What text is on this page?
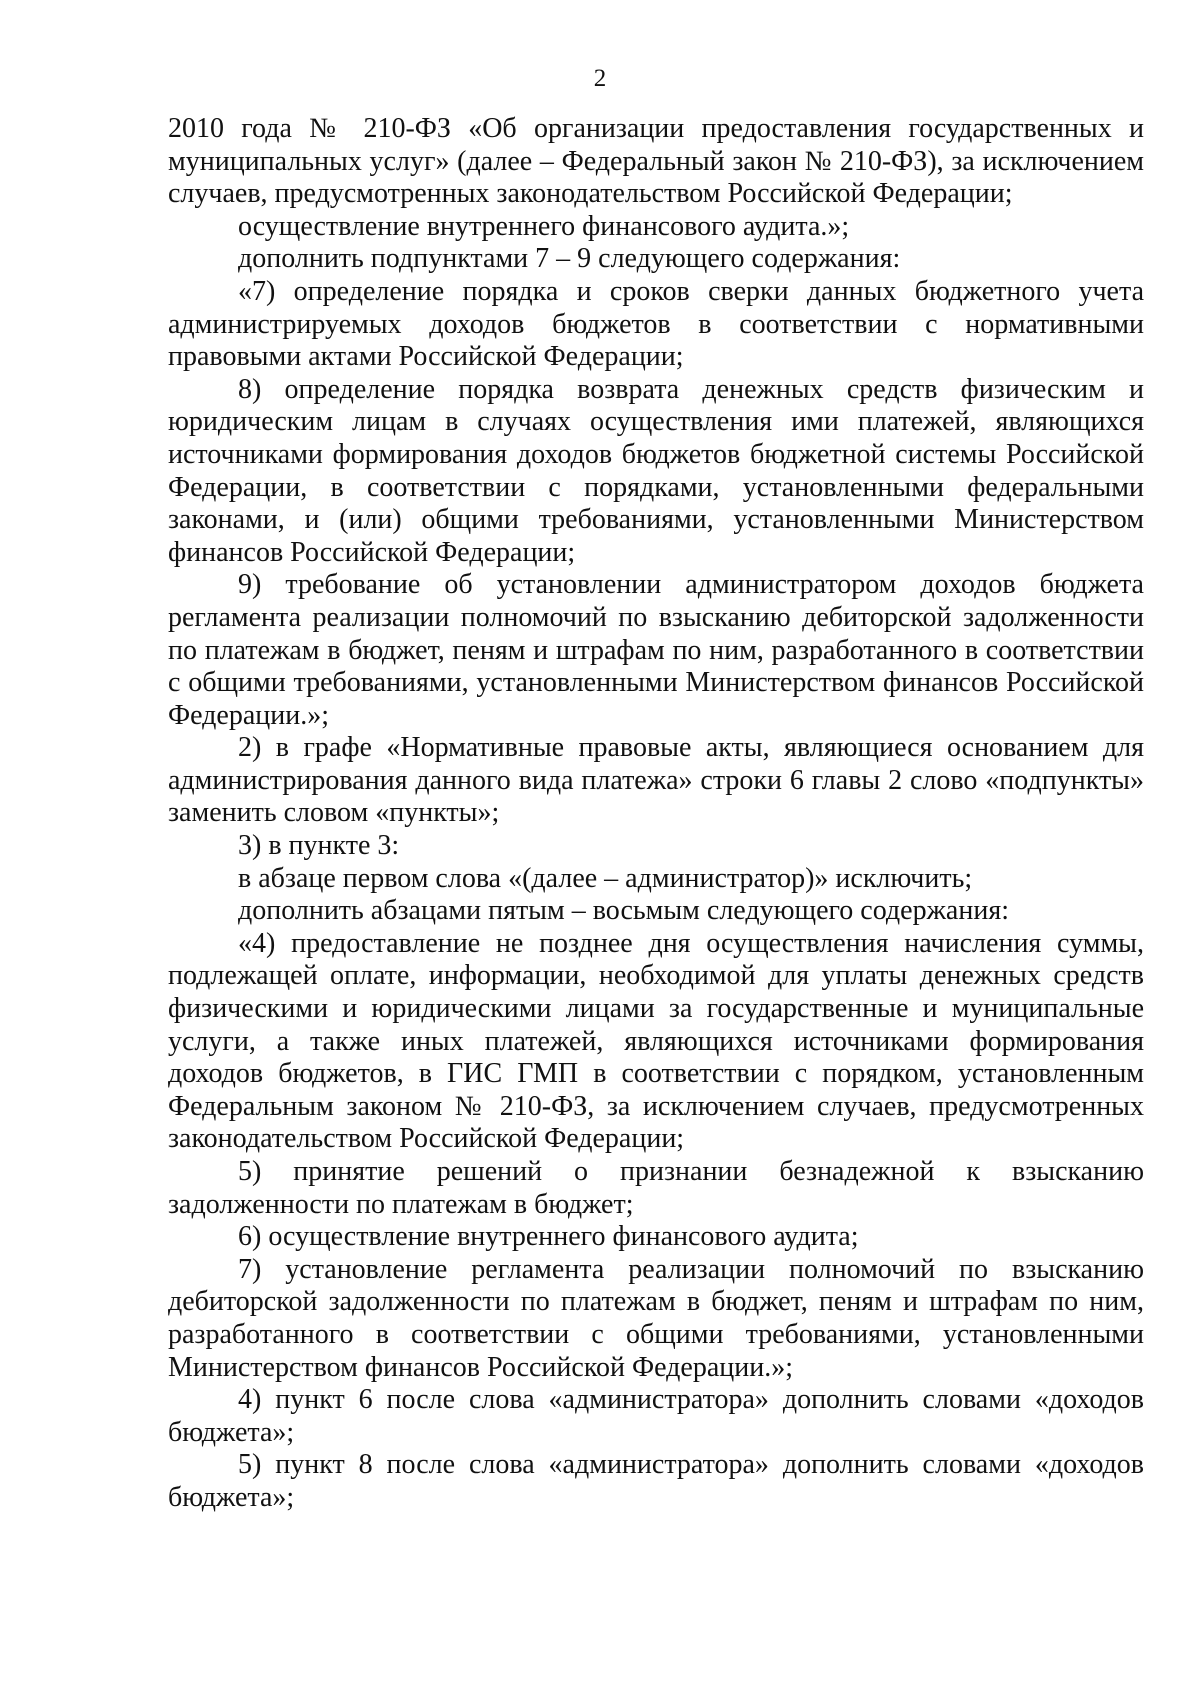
2

2010 года № 210-ФЗ «Об организации предоставления государственных и муниципальных услуг» (далее – Федеральный закон № 210-ФЗ), за исключением случаев, предусмотренных законодательством Российской Федерации;

осуществление внутреннего финансового аудита.»;

дополнить подпунктами 7 – 9 следующего содержания:

«7) определение порядка и сроков сверки данных бюджетного учета администрируемых доходов бюджетов в соответствии с нормативными правовыми актами Российской Федерации;

8) определение порядка возврата денежных средств физическим и юридическим лицам в случаях осуществления ими платежей, являющихся источниками формирования доходов бюджетов бюджетной системы Российской Федерации, в соответствии с порядками, установленными федеральными законами, и (или) общими требованиями, установленными Министерством финансов Российской Федерации;

9) требование об установлении администратором доходов бюджета регламента реализации полномочий по взысканию дебиторской задолженности по платежам в бюджет, пеням и штрафам по ним, разработанного в соответствии с общими требованиями, установленными Министерством финансов Российской Федерации.»;

2) в графе «Нормативные правовые акты, являющиеся основанием для администрирования данного вида платежа» строки 6 главы 2 слово «подпункты» заменить словом «пункты»;

3) в пункте 3:

в абзаце первом слова «(далее – администратор)» исключить;

дополнить абзацами пятым – восьмым следующего содержания:

«4) предоставление не позднее дня осуществления начисления суммы, подлежащей оплате, информации, необходимой для уплаты денежных средств физическими и юридическими лицами за государственные и муниципальные услуги, а также иных платежей, являющихся источниками формирования доходов бюджетов, в ГИС ГМП в соответствии с порядком, установленным Федеральным законом № 210-ФЗ, за исключением случаев, предусмотренных законодательством Российской Федерации;

5) принятие решений о признании безнадежной к взысканию задолженности по платежам в бюджет;

6) осуществление внутреннего финансового аудита;

7) установление регламента реализации полномочий по взысканию дебиторской задолженности по платежам в бюджет, пеням и штрафам по ним, разработанного в соответствии с общими требованиями, установленными Министерством финансов Российской Федерации.»;

4) пункт 6 после слова «администратора» дополнить словами «доходов бюджета»;

5) пункт 8 после слова «администратора» дополнить словами «доходов бюджета»;
